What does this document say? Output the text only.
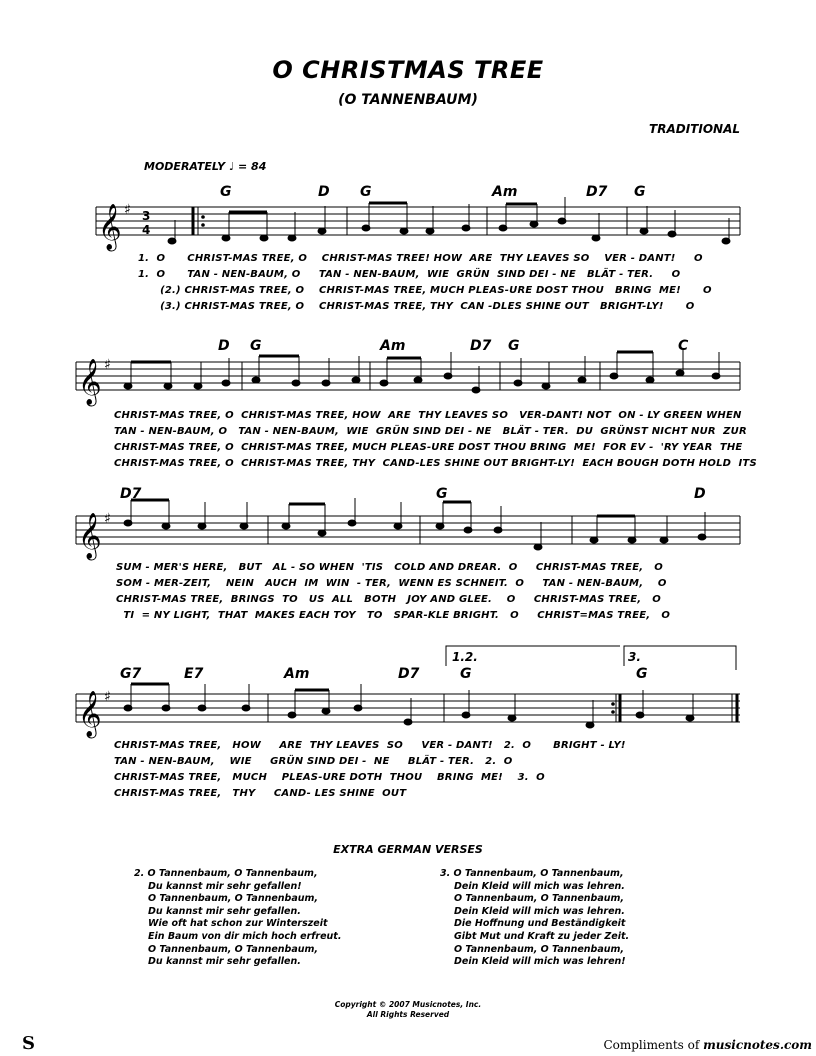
O CHRISTMAS TREE
(O TANNENBAUM)
TRADITIONAL
MODERATELY ♩ = 84
G	D G	Am	D7 G
D G	Am	D7 G	C
D7	G	D
G7	E7	Am	D7	G	G
1.2.	3.
𝄞
𝄞
𝄞
𝄞
♯
♯
♯
♯
3
4
1.  O      CHRIST-MAS TREE, O    CHRIST-MAS TREE! HOW  ARE  THY LEAVES SO    VER - DANT!     O
1.  O      TAN - NEN-BAUM, O     TAN - NEN-BAUM,  WIE  GRÜN  SIND DEI - NE   BLÄT - TER.     O
(2.) CHRIST-MAS TREE, O    CHRIST-MAS TREE, MUCH PLEAS-URE DOST THOU   BRING  ME!      O
(3.) CHRIST-MAS TREE, O    CHRIST-MAS TREE, THY  CAN -DLES SHINE OUT   BRIGHT-LY!      O
CHRIST-MAS TREE, O  CHRIST-MAS TREE, HOW  ARE  THY LEAVES SO   VER-DANT! NOT  ON - LY GREEN WHEN
TAN - NEN-BAUM, O   TAN - NEN-BAUM,  WIE  GRÜN SIND DEI - NE   BLÄT - TER.  DU  GRÜNST NICHT NUR  ZUR
CHRIST-MAS TREE, O  CHRIST-MAS TREE, MUCH PLEAS-URE DOST THOU BRING  ME!  FOR EV -  'RY YEAR  THE
CHRIST-MAS TREE, O  CHRIST-MAS TREE, THY  CAND-LES SHINE OUT BRIGHT-LY!  EACH BOUGH DOTH HOLD  ITS
SUM - MER'S HERE,   BUT   AL - SO WHEN  'TIS   COLD AND DREAR.  O     CHRIST-MAS TREE,   O
SOM - MER-ZEIT,    NEIN   AUCH  IM  WIN  - TER,  WENN ES SCHNEIT.  O     TAN - NEN-BAUM,    O
CHRIST-MAS TREE,  BRINGS  TO   US  ALL   BOTH   JOY AND GLEE.    O     CHRIST-MAS TREE,   O
TI  = NY LIGHT,  THAT  MAKES EACH TOY   TO   SPAR-KLE BRIGHT.   O     CHRIST=MAS TREE,   O
CHRIST-MAS TREE,   HOW     ARE  THY LEAVES  SO     VER - DANT!   2.  O      BRIGHT - LY!
TAN - NEN-BAUM,    WIE     GRÜN SIND DEI -  NE     BLÄT - TER.   2.  O
CHRIST-MAS TREE,   MUCH    PLEAS-URE DOTH  THOU    BRING  ME!    3.  O
CHRIST-MAS TREE,   THY     CAND- LES SHINE  OUT
EXTRA GERMAN VERSES
2. O Tannenbaum, O Tannenbaum,
Du kannst mir sehr gefallen!
O Tannenbaum, O Tannenbaum,
Du kannst mir sehr gefallen.
Wie oft hat schon zur Winterszeit
Ein Baum von dir mich hoch erfreut.
O Tannenbaum, O Tannenbaum,
Du kannst mir sehr gefallen.
3. O Tannenbaum, O Tannenbaum,
Dein Kleid will mich was lehren.
O Tannenbaum, O Tannenbaum,
Dein Kleid will mich was lehren.
Die Hoffnung und Beständigkeit
Gibt Mut und Kraft zu jeder Zeit.
O Tannenbaum, O Tannenbaum,
Dein Kleid will mich was lehren!
Copyright © 2007 Musicnotes, Inc.
All Rights Reserved
S	Compliments of musicnotes.com
